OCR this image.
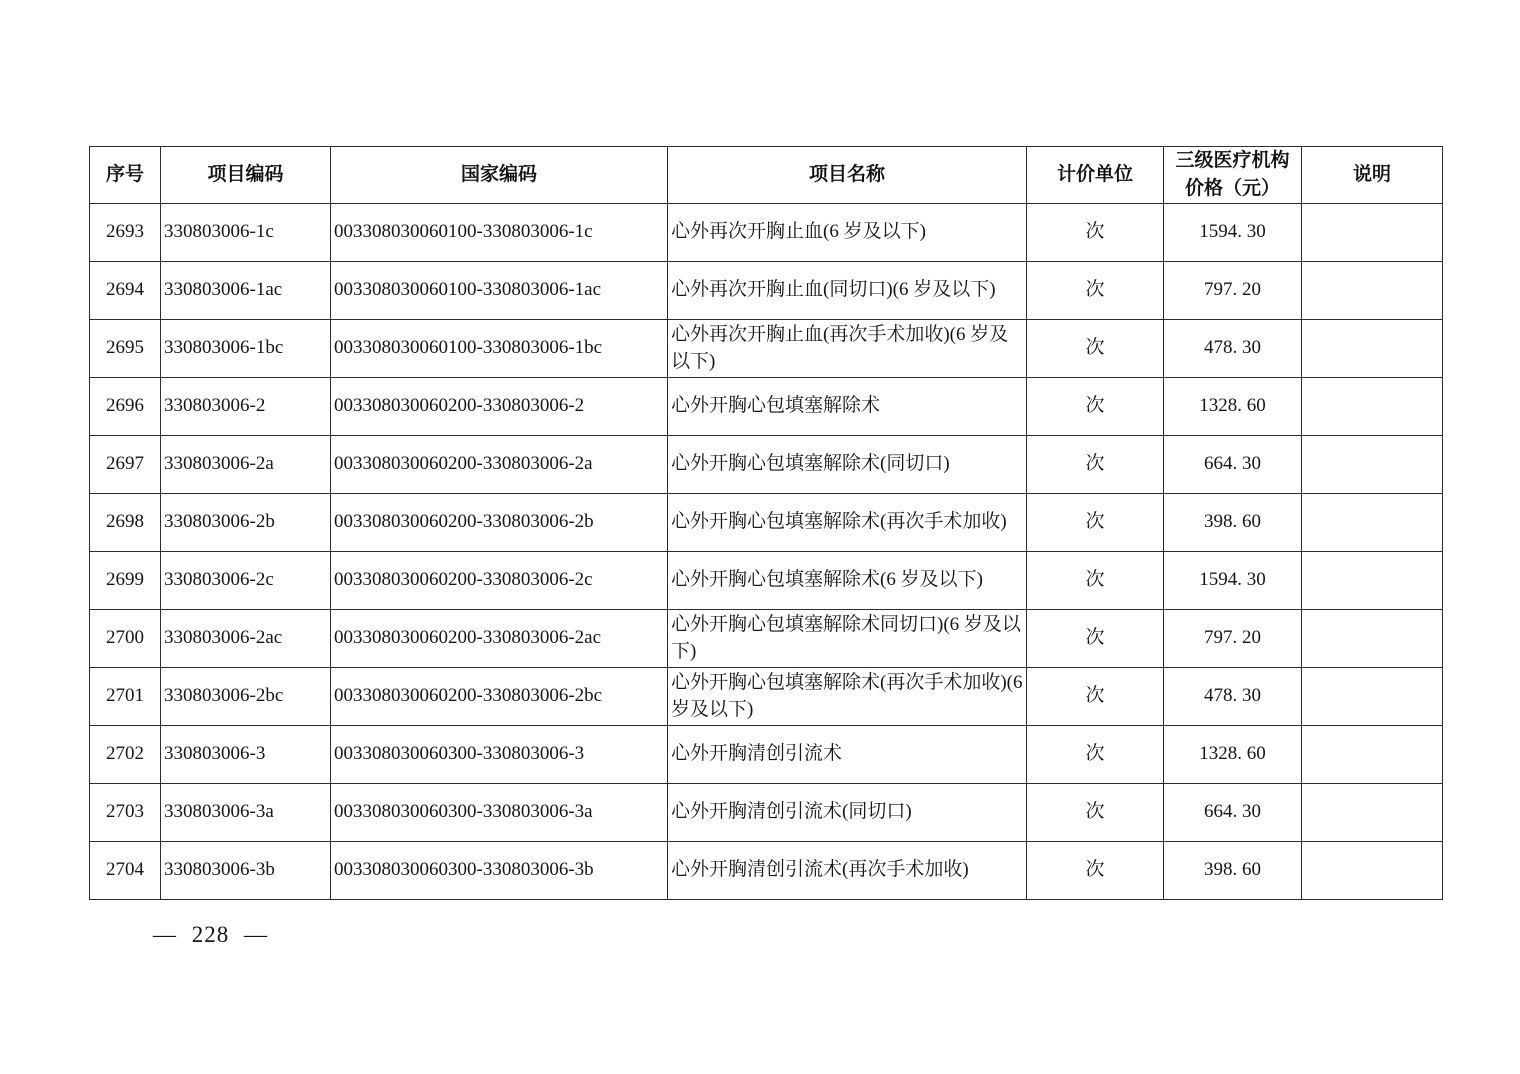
序号	项目编码	国家编码	项目名称	计价单位	三级医疗机构价格（元）	说明
2693	330803006-1c	003308030060100-330803006-1c	心外再次开胸止血(6 岁及以下)	次	1594. 30	
2694	330803006-1ac	003308030060100-330803006-1ac	心外再次开胸止血(同切口)(6 岁及以下)	次	797. 20	
2695	330803006-1bc	003308030060100-330803006-1bc	心外再次开胸止血(再次手术加收)(6 岁及以下)	次	478. 30	
2696	330803006-2	003308030060200-330803006-2	心外开胸心包填塞解除术	次	1328. 60	
2697	330803006-2a	003308030060200-330803006-2a	心外开胸心包填塞解除术(同切口)	次	664. 30	
2698	330803006-2b	003308030060200-330803006-2b	心外开胸心包填塞解除术(再次手术加收)	次	398. 60	
2699	330803006-2c	003308030060200-330803006-2c	心外开胸心包填塞解除术(6 岁及以下)	次	1594. 30	
2700	330803006-2ac	003308030060200-330803006-2ac	心外开胸心包填塞解除术同切口)(6 岁及以下)	次	797. 20	
2701	330803006-2bc	003308030060200-330803006-2bc	心外开胸心包填塞解除术(再次手术加收)(6 岁及以下)	次	478. 30	
2702	330803006-3	003308030060300-330803006-3	心外开胸清创引流术	次	1328. 60	
2703	330803006-3a	003308030060300-330803006-3a	心外开胸清创引流术(同切口)	次	664. 30	
2704	330803006-3b	003308030060300-330803006-3b	心外开胸清创引流术(再次手术加收)	次	398. 60	
— 228 —
